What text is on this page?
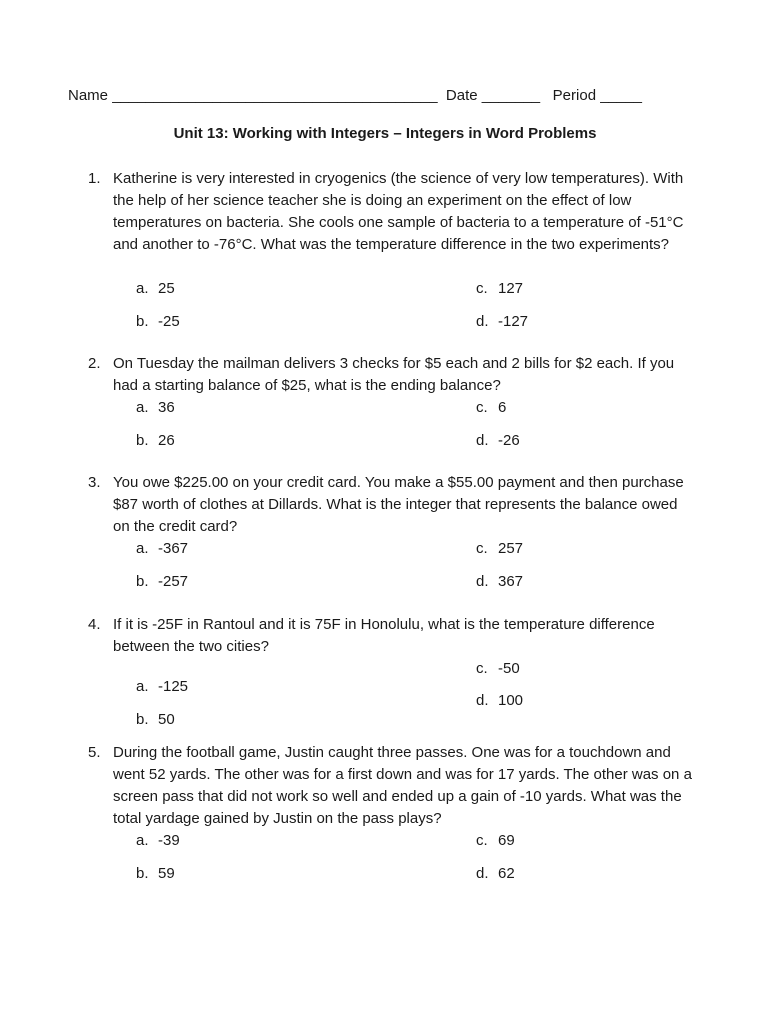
Name _______________________________________ Date _______ Period _____
Unit 13: Working with Integers – Integers in Word Problems
1. Katherine is very interested in cryogenics (the science of very low temperatures). With the help of her science teacher she is doing an experiment on the effect of low temperatures on bacteria. She cools one sample of bacteria to a temperature of -51°C and another to -76°C. What was the temperature difference in the two experiments?
a. 25
b. -25
c. 127
d. -127
2. On Tuesday the mailman delivers 3 checks for $5 each and 2 bills for $2 each. If you had a starting balance of $25, what is the ending balance?
a. 36
b. 26
c. 6
d. -26
3. You owe $225.00 on your credit card. You make a $55.00 payment and then purchase $87 worth of clothes at Dillards. What is the integer that represents the balance owed on the credit card?
a. -367
b. -257
c. 257
d. 367
4. If it is -25F in Rantoul and it is 75F in Honolulu, what is the temperature difference between the two cities?
a. -125
b. 50
c. -50
d. 100
5. During the football game, Justin caught three passes. One was for a touchdown and went 52 yards. The other was for a first down and was for 17 yards. The other was on a screen pass that did not work so well and ended up a gain of -10 yards. What was the total yardage gained by Justin on the pass plays?
a. -39
b. 59
c. 69
d. 62
